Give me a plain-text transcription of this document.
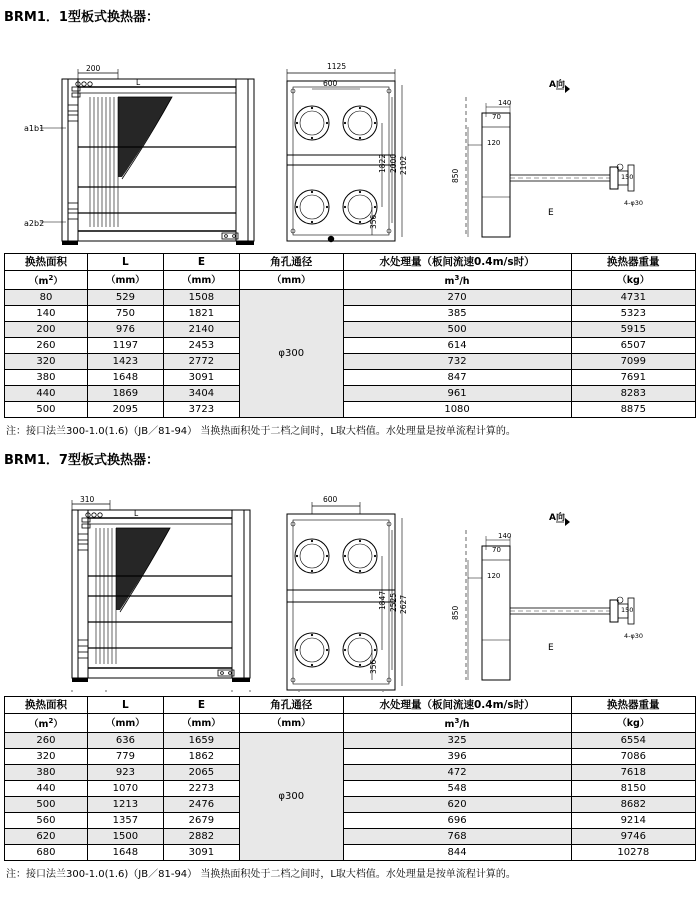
BRM1．1型板式换热器：
200
L
a1b1
a2b2
1125
600
1822 2000 2102
356
A向
140
70
120
850	150
4-φ30
E
换热面积	L	E	角孔通径	水处理量（板间流速0.4m/s时）	换热器重量
$(m^2)$	（mm）	（mm）	（mm）	$m^3/h$	（kg）
80	529	1508	φ300	270	4731
140	750	1821		385	5323
200	976	2140		500	5915
260	1197	2453		614	6507
320	1423	2772		732	7099
380	1648	3091		847	7691
440	1869	3404		961	8283
500	2095	3723		1080	8875
注：接口法兰300-1.0(1.6)（JB／81-94） 当换热面积处于二档之间时，L取大档值。水处理量是按单流程计算的。
BRM1．7型板式换热器：
310
L
600
1847 2525 2627
356
A向
140
70
120
850	150
4-φ30
E
换热面积	L	E	角孔通径	水处理量（板间流速0.4m/s时）	换热器重量
$(m^2)$	（mm）	（mm）	（mm）	$m^3/h$	（kg）
260	636	1659	φ300	325	6554
320	779	1862		396	7086
380	923	2065		472	7618
440	1070	2273		548	8150
500	1213	2476		620	8682
560	1357	2679		696	9214
620	1500	2882		768	9746
680	1648	3091		844	10278
注：接口法兰300-1.0(1.6)（JB／81-94） 当换热面积处于二档之间时，L取大档值。水处理量是按单流程计算的。
